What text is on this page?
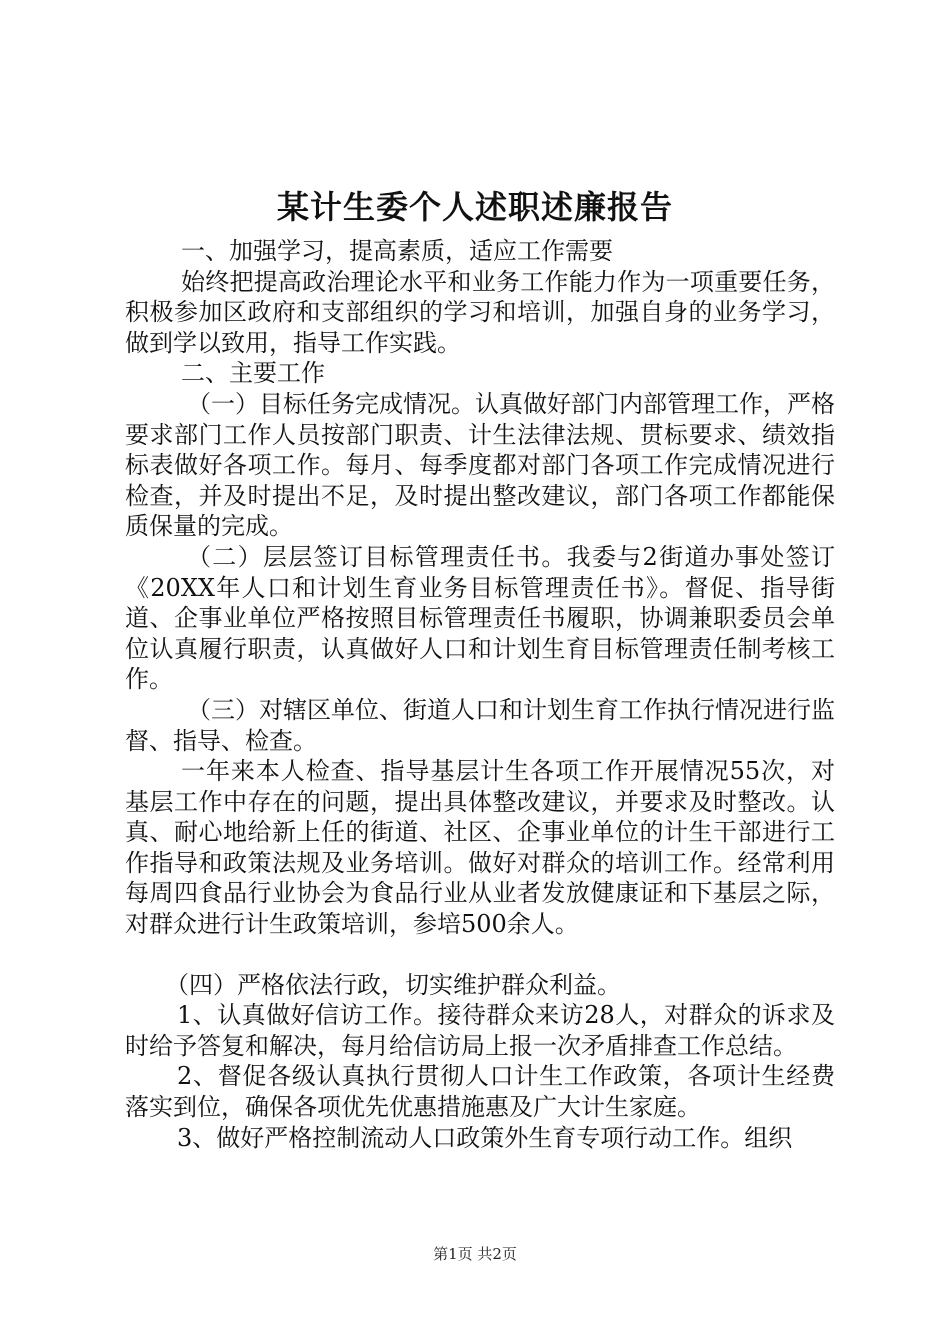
某计生委个人述职述廉报告

一、加强学习，提高素质，适应工作需要

始终把提高政治理论水平和业务工作能力作为一项重要任务，积极参加区政府和支部组织的学习和培训，加强自身的业务学习，做到学以致用，指导工作实践。

二、主要工作

（一）目标任务完成情况。认真做好部门内部管理工作，严格要求部门工作人员按部门职责、计生法律法规、贯标要求、绩效指标表做好各项工作。每月、每季度都对部门各项工作完成情况进行检查，并及时提出不足，及时提出整改建议，部门各项工作都能保质保量的完成。

（二）层层签订目标管理责任书。我委与2街道办事处签订《20XX年人口和计划生育业务目标管理责任书》。督促、指导街道、企事业单位严格按照目标管理责任书履职，协调兼职委员会单位认真履行职责，认真做好人口和计划生育目标管理责任制考核工作。

（三）对辖区单位、街道人口和计划生育工作执行情况进行监督、指导、检查。

一年来本人检查、指导基层计生各项工作开展情况55次，对基层工作中存在的问题，提出具体整改建议，并要求及时整改。认真、耐心地给新上任的街道、社区、企事业单位的计生干部进行工作指导和政策法规及业务培训。做好对群众的培训工作。经常利用每周四食品行业协会为食品行业从业者发放健康证和下基层之际，对群众进行计生政策培训，参培500余人。

（四）严格依法行政，切实维护群众利益。

1、认真做好信访工作。接待群众来访28人，对群众的诉求及时给予答复和解决，每月给信访局上报一次矛盾排查工作总结。

2、督促各级认真执行贯彻人口计生工作政策，各项计生经费落实到位，确保各项优先优惠措施惠及广大计生家庭。

3、做好严格控制流动人口政策外生育专项行动工作。组织

第1页 共2页
